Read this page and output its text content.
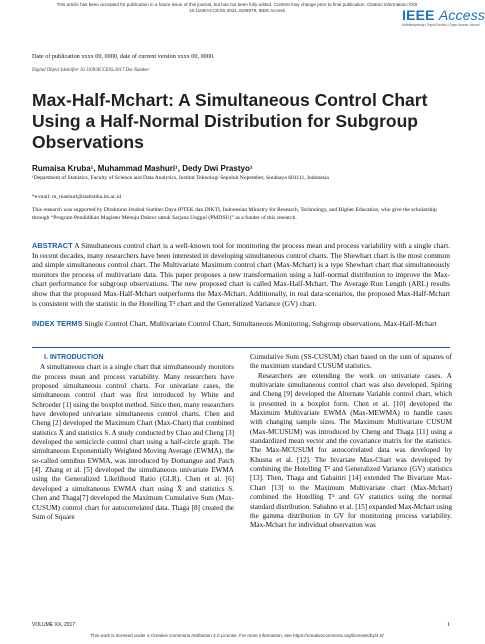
This article has been accepted for publication in a future issue of this journal, but has not been fully edited. Content may change prior to final publication. Citation information: DOI
10.1109/ACCESS.2021.3106879, IEEE Access	IEEE Access
Multidisciplinary | Rapid Review | Open Access Journal
Date of publication xxxx 00, 0000, date of current version xxxx 00, 0000.
Digital Object Identifier 10.1109/ACCESS.2017.Doi Number
Max-Half-Mchart: A Simultaneous Control Chart Using a Half-Normal Distribution for Subgroup Observations
Rumaisa Kruba¹, Muhammad Mashuri¹, Dedy Dwi Prastyo¹
¹Department of Statistics, Faculty of Science and Data Analytics, Institut Teknologi Sepuluh Nopember, Surabaya 601111, Indonesia
*e-mail: m_mashuri@statistika.its.ac.id
This research was supported by Direktorat Jendral Sumber Daya IPTEK dan DIKTI, Indonesian Ministry for Research, Technology, and Higher Education, who give the scholarship through “Program Pendidikan Magister Menuju Doktor untuk Sarjana Unggul (PMDSU)” as a funder of this research.
ABSTRACT A Simultaneous control chart is a well-known tool for monitoring the process mean and process variability with a single chart. In recent decades, many researchers have been interested in developing simultaneous control charts. The Shewhart chart is the most common and simple simultaneous control chart. The Multivariate Maximum control chart (Max-Mchart) is a type Shewhart chart that simultaneously monitors the process of multivariate data. This paper proposes a new transformation using a half-normal distribution to improve the Max-chart performance for subgroup observations. The new proposed chart is called Max-Half-Mchart. The Average Run Length (ARL) results show that the proposed Max-Half-Mchart outperforms the Max-Mchart. Additionally, in real data scenarios, the proposed Max-Half-Mchart is consistent with the statistic in the Hotelling T² chart and the Generalized Variance (GV) chart.
INDEX TERMS Single Control Chart, Multivariate Control Chart, Simultaneous Monitoring, Subgroup observations, Max-Half-Mchart
I. INTRODUCTION

A simultaneous chart is a single chart that simultaneously monitors the process mean and process variability. Many researchers have proposed simultaneous control charts. For univariate cases, the simultaneous control chart was first introduced by White and Schroeder [1] using the boxplot method. Since then, many researchers have developed univariate simultaneous control charts. Chen and Cheng [2] developed the Maximum Chart (Max-Chart) that combined statistics X̄ and statistics S. A study conducted by Chao and Cheng [3] developed the semicircle control chart using a half-circle graph. The simultaneous Exponentially Weighted Moving Average (EWMA), the so-called omnibus EWMA, was introduced by Domangue and Patch [4]. Zhang et al. [5] developed the simultaneous univariate EWMA using the Generalized Likelihood Ratio (GLR). Chen et al. [6] developed a simultaneous EWMA chart using X̄ and statistics S. Chen and Thaga[7] developed the Maximum Cumulative Sum (Max-CUSUM) control chart for autocorrelated data. Thaga [8] created the Sum of Square

Cumulative Sum (SS-CUSUM) chart based on the sum of squares of the maximum standard CUSUM statistics.

Researchers are extending the work on univariate cases. A multivariate simultaneous control chart was also developed. Spiring and Cheng [9] developed the Alternate Variable control chart, which is presented in a boxplot form. Chen et al. [10] developed the Maximum Multivariate EWMA (Max-MEWMA) to handle cases with changing sample sizes. The Maximum Multivariate CUSUM (Max-MCUSUM) was introduced by Cheng and Thaga [11] using a standardized mean vector and the covariance matrix for the statistics. The Max-MCUSUM for autocorrelated data was developed by Khusna et al. [12]. The bivariate Max-Chart was developed by combining the Hotelling T² and Generalized Variance (GV) statistics [13]. Then, Thaga and Gabaitiri [14] extended The Bivariate Max-Chart [13] to the Maximum Multivariate chart (Max-Mchart) combined the Hotelling T² and GV statistics using the normal standard distribution. Sabahno et al. [15] expanded Max-Mchart using the gamma distribution in GV for monitoring process variability. Max-Mchart for individual observation was

VOLUME XX, 2017	1
This work is licensed under a Creative Commons Attribution 4.0 License. For more information, see https://creativecommons.org/licenses/by/4.0/
